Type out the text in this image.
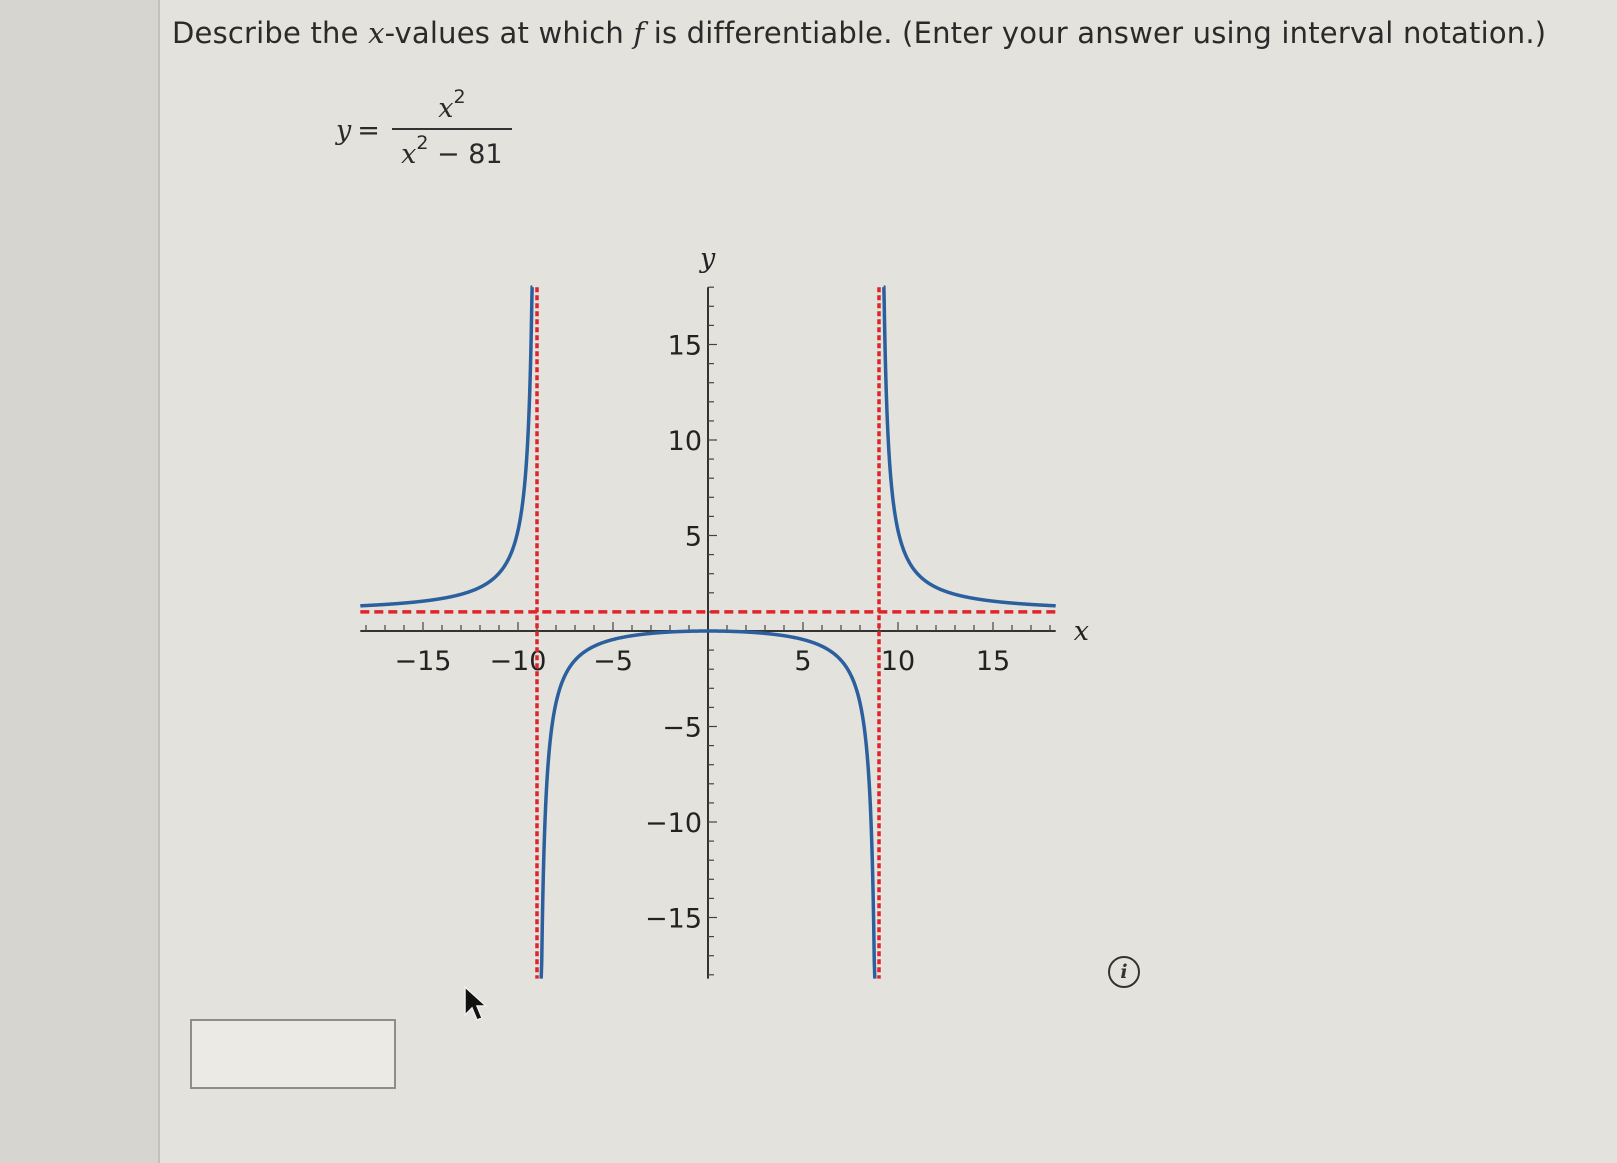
Describe the x-values at which f is differentiable. (Enter your answer using interval notation.)
$y = \frac{x^2}{x^2 - 81}$
−15 −10 −5	5	10 15
15
10
5
−5
−10
−15
x
y
i
